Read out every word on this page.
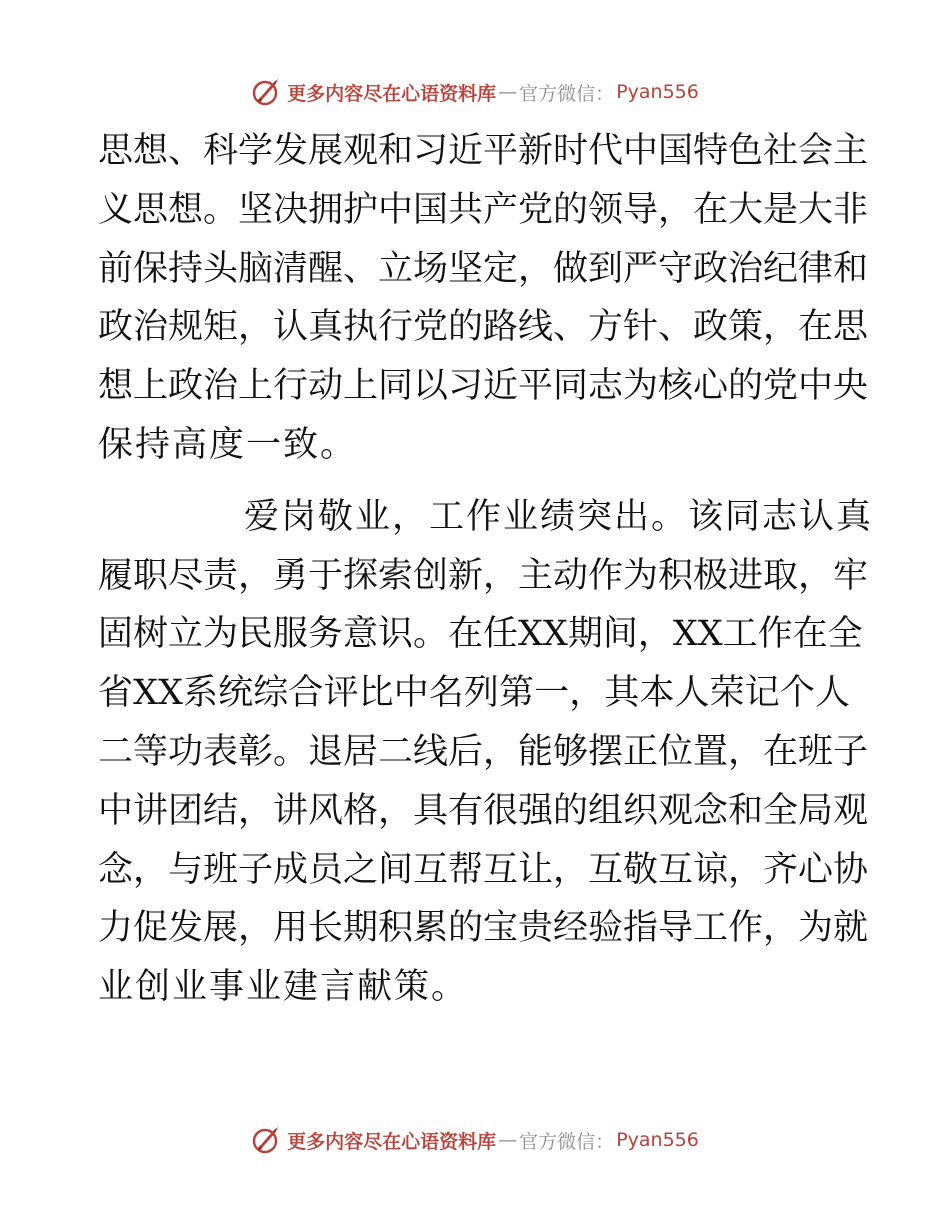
更多内容尽在心语资料库 — 官方微信： Pyan556
思想、科学发展观和习近平新时代中国特色社会主
义思想。坚决拥护中国共产党的领导，在大是大非
前保持头脑清醒、立场坚定，做到严守政治纪律和
政治规矩，认真执行党的路线、方针、政策，在思
想上政治上行动上同以习近平同志为核心的党中央
保持高度一致。
爱岗敬业，工作业绩突出。该同志认真
履职尽责，勇于探索创新，主动作为积极进取，牢
固树立为民服务意识。在任XX期间，XX工作在全
省XX系统综合评比中名列第一，其本人荣记个人
二等功表彰。退居二线后，能够摆正位置，在班子
中讲团结，讲风格，具有很强的组织观念和全局观
念，与班子成员之间互帮互让，互敬互谅，齐心协
力促发展，用长期积累的宝贵经验指导工作，为就
业创业事业建言献策。
更多内容尽在心语资料库 — 官方微信： Pyan556
